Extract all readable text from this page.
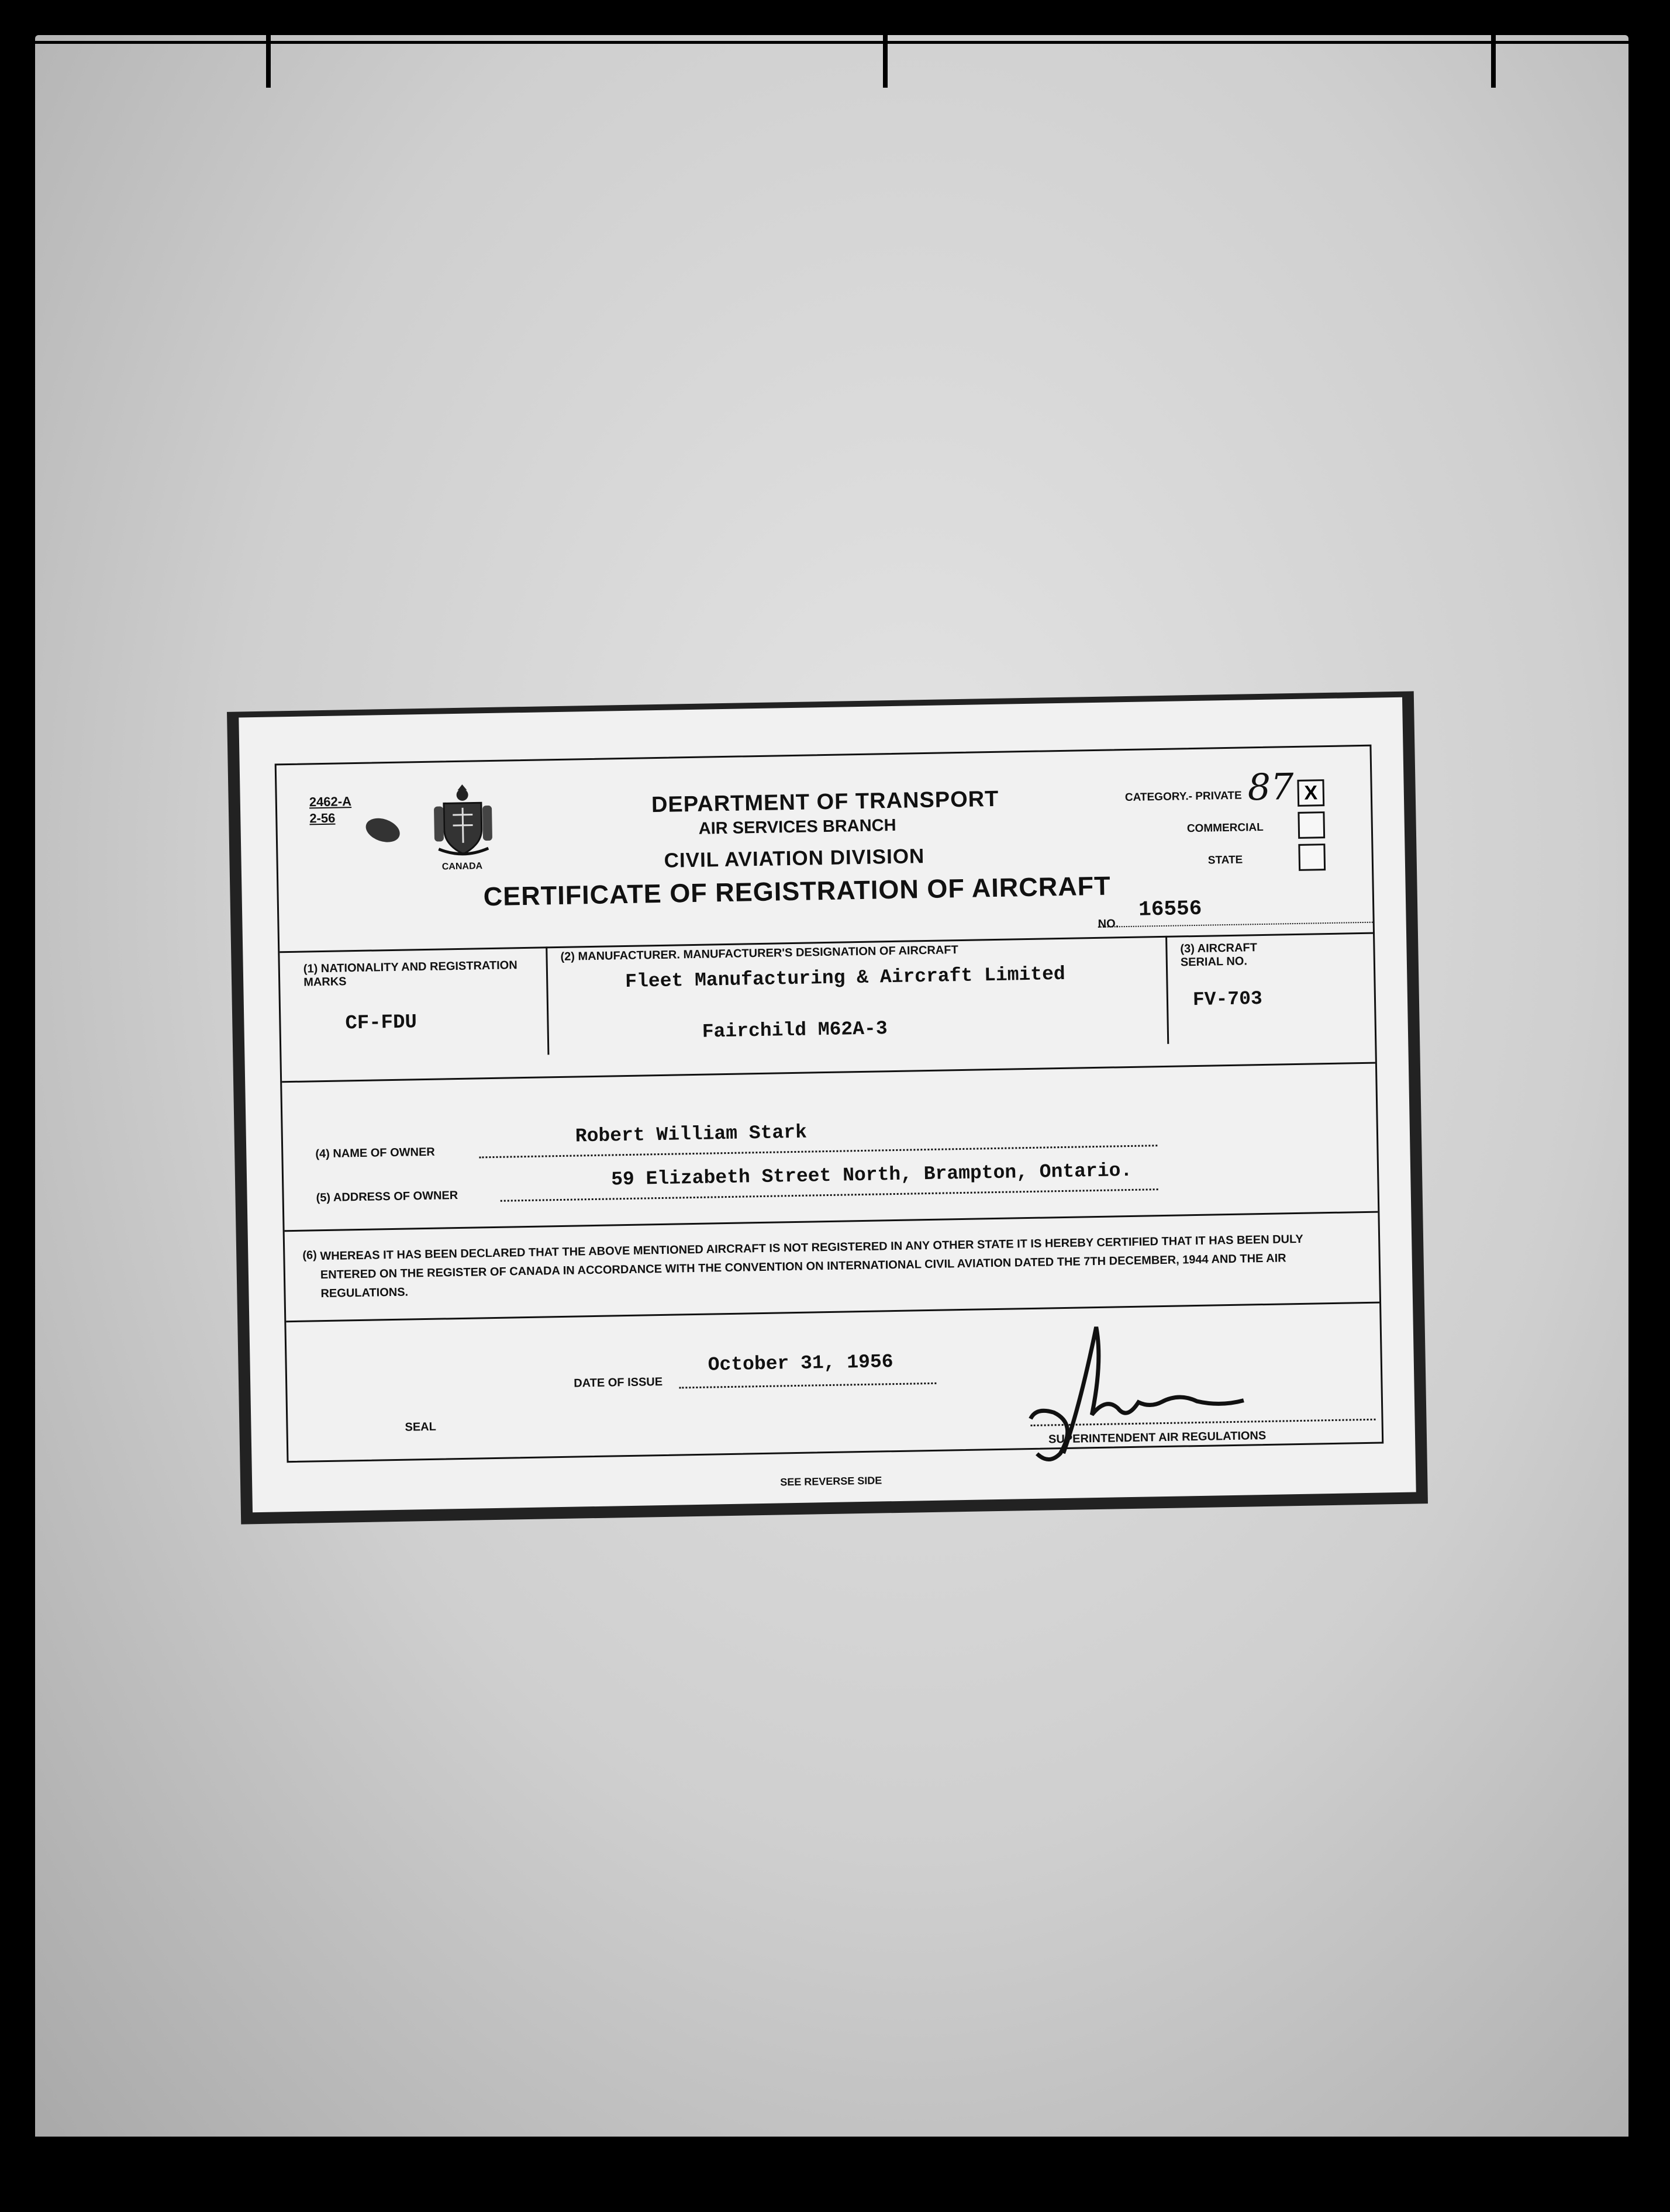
2462-A
2-56
CANADA
DEPARTMENT OF TRANSPORT
AIR SERVICES BRANCH
CIVIL AVIATION DIVISION
CERTIFICATE OF REGISTRATION OF AIRCRAFT
CATEGORY.- PRIVATE 87 X
COMMERCIAL
STATE
NO.
16556
(1) NATIONALITY AND REGISTRATION MARKS
CF-FDU
(2) MANUFACTURER. MANUFACTURER'S DESIGNATION OF AIRCRAFT
Fleet Manufacturing & Aircraft Limited
Fairchild M62A-3
(3) AIRCRAFT SERIAL NO.
FV-703
(4) NAME OF OWNER
Robert William Stark
(5) ADDRESS OF OWNER
59 Elizabeth Street North, Brampton, Ontario.
(6) WHEREAS IT HAS BEEN DECLARED THAT THE ABOVE MENTIONED AIRCRAFT IS NOT REGISTERED IN ANY OTHER STATE IT IS HEREBY CERTIFIED THAT IT HAS BEEN DULY ENTERED ON THE REGISTER OF CANADA IN ACCORDANCE WITH THE CONVENTION ON INTERNATIONAL CIVIL AVIATION DATED THE 7TH DECEMBER, 1944 AND THE AIR REGULATIONS.
DATE OF ISSUE
October 31, 1956
SEAL
SUPERINTENDENT AIR REGULATIONS
SEE REVERSE SIDE
